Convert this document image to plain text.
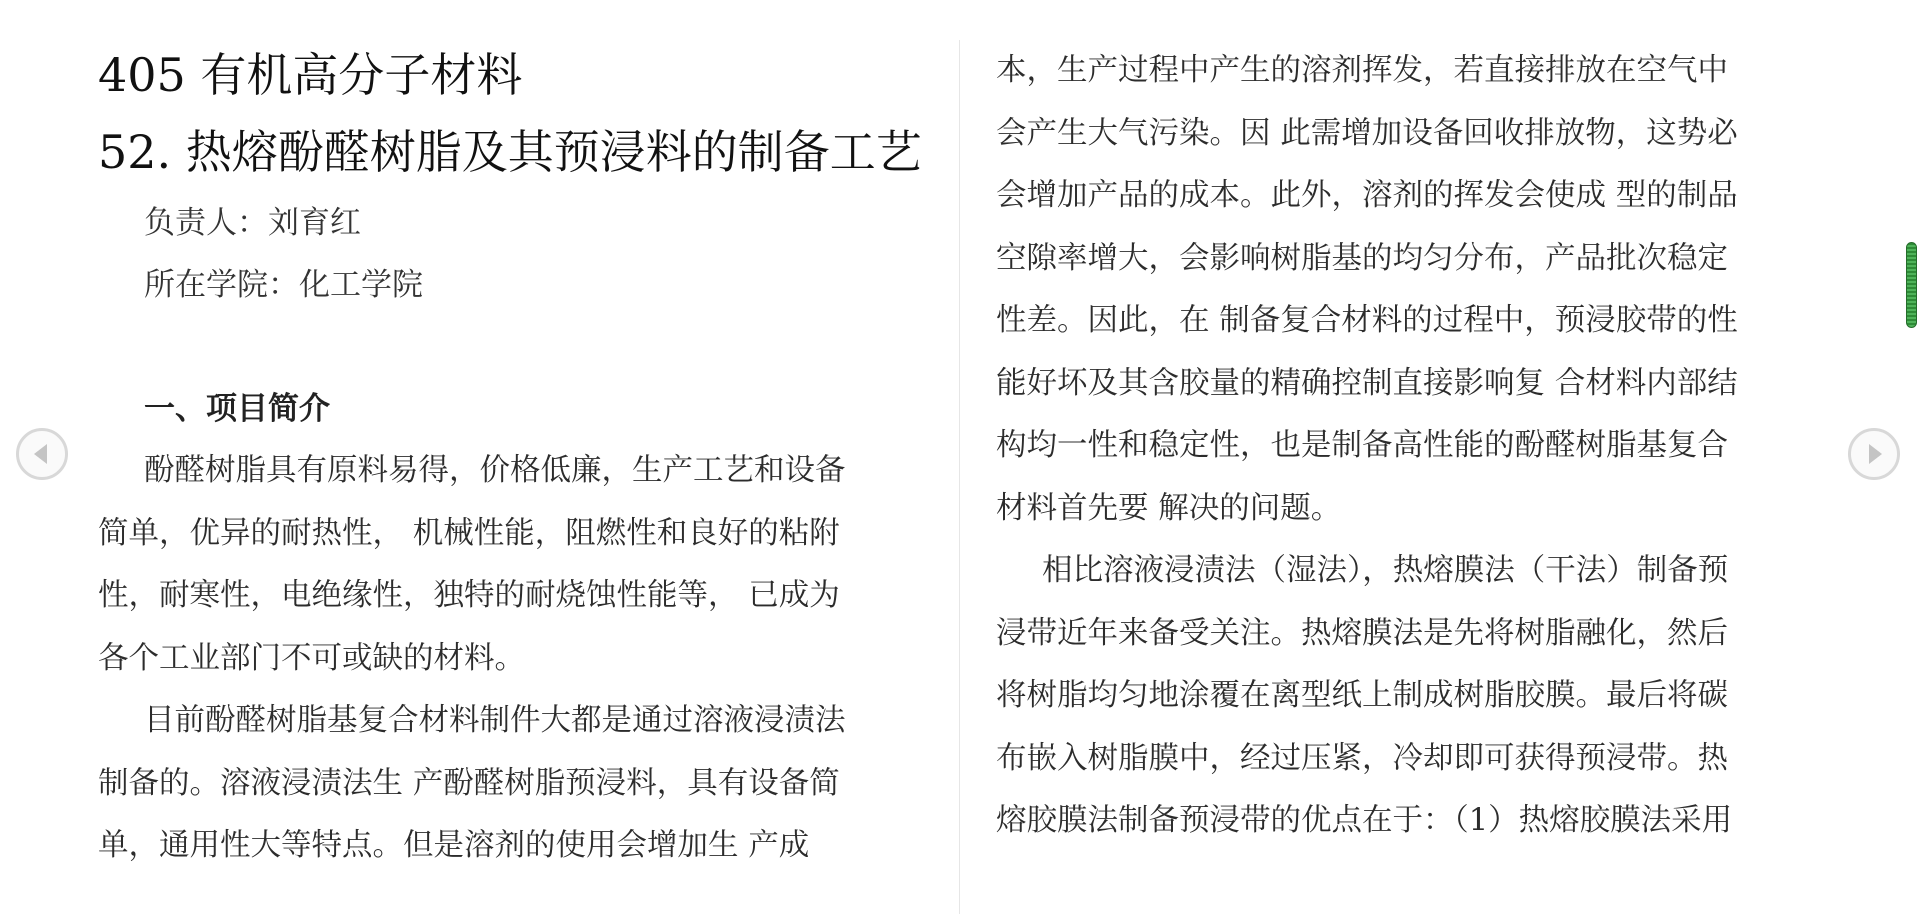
405 有机高分子材料
52. 热熔酚醛树脂及其预浸料的制备工艺
负责人：刘育红
所在学院：化工学院
一、项目简介
酚醛树脂具有原料易得，价格低廉，生产工艺和设备
简单，优异的耐热性， 机械性能，阻燃性和良好的粘附
性，耐寒性，电绝缘性，独特的耐烧蚀性能等， 已成为
各个工业部门不可或缺的材料。
目前酚醛树脂基复合材料制件大都是通过溶液浸渍法
制备的。溶液浸渍法生 产酚醛树脂预浸料，具有设备简
单，通用性大等特点。但是溶剂的使用会增加生 产成
本，生产过程中产生的溶剂挥发，若直接排放在空气中
会产生大气污染。因 此需增加设备回收排放物，这势必
会增加产品的成本。此外，溶剂的挥发会使成 型的制品
空隙率增大，会影响树脂基的均匀分布，产品批次稳定
性差。因此，在 制备复合材料的过程中，预浸胶带的性
能好坏及其含胶量的精确控制直接影响复 合材料内部结
构均一性和稳定性，也是制备高性能的酚醛树脂基复合
材料首先要 解决的问题。
相比溶液浸渍法（湿法），热熔膜法（干法）制备预
浸带近年来备受关注。热熔膜法是先将树脂融化，然后
将树脂均匀地涂覆在离型纸上制成树脂胶膜。最后将碳
布嵌入树脂膜中，经过压紧，冷却即可获得预浸带。热
熔胶膜法制备预浸带的优点在于：（1）热熔胶膜法采用
